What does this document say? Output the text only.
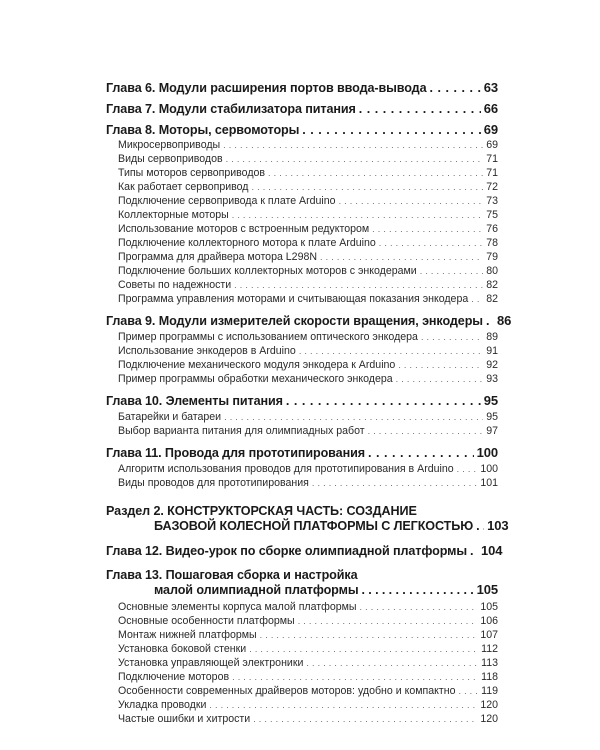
Глава 6. Модули расширения портов ввода-вывода . . .	63
Глава 7. Модули стабилизатора питания . . .	66
Глава 8. Моторы, сервомоторы . . .	69
Микросервоприводы . . .	69
Виды сервоприводов . . .	71
Типы моторов сервоприводов . . .	71
Как работает сервопривод . . .	72
Подключение сервопривода к плате Arduino . . .	73
Коллекторные моторы . . .	75
Использование моторов с встроенным редуктором . . .	76
Подключение коллекторного мотора к плате Arduino . . .	78
Программа для драйвера мотора L298N . . .	79
Подключение больших коллекторных моторов с энкодерами . . .	80
Советы по надежности . . .	82
Программа управления моторами и считывающая показания энкодера . . . 82
Глава 9. Модули измерителей скорости вращения, энкодеры . . . 86
Пример программы с использованием оптического энкодера . . .	89
Использование энкодеров в Arduino . . .	91
Подключение механического модуля энкодера к Arduino . . .	92
Пример программы обработки механического энкодера . . .	93
Глава 10. Элементы питания . . .	95
Батарейки и батареи . . .	95
Выбор варианта питания для олимпиадных работ . . .	97
Глава 11. Провода для прототипирования . . .	100
Алгоритм использования проводов для прототипирования в Arduino . . .	100
Виды проводов для прототипирования . . .	101
Раздел 2. КОНСТРУКТОРСКАЯ ЧАСТЬ: СОЗДАНИЕ
БАЗОВОЙ КОЛЕСНОЙ ПЛАТФОРМЫ С ЛЕГКОСТЬЮ . . . 103
Глава 12. Видео-урок по сборке олимпиадной платформы . . . 104
Глава 13. Пошаговая сборка и настройка
малой олимпиадной платформы . . .	105
Основные элементы корпуса малой платформы . . .	105
Основные особенности платформы . . .	106
Монтаж нижней платформы . . .	107
Установка боковой стенки . . .	112
Установка управляющей электроники . . .	113
Подключение моторов . . .	118
Особенности современных драйверов моторов: удобно и компактно . . . 119
Укладка проводки . . .	120
Частые ошибки и хитрости . . .	120
